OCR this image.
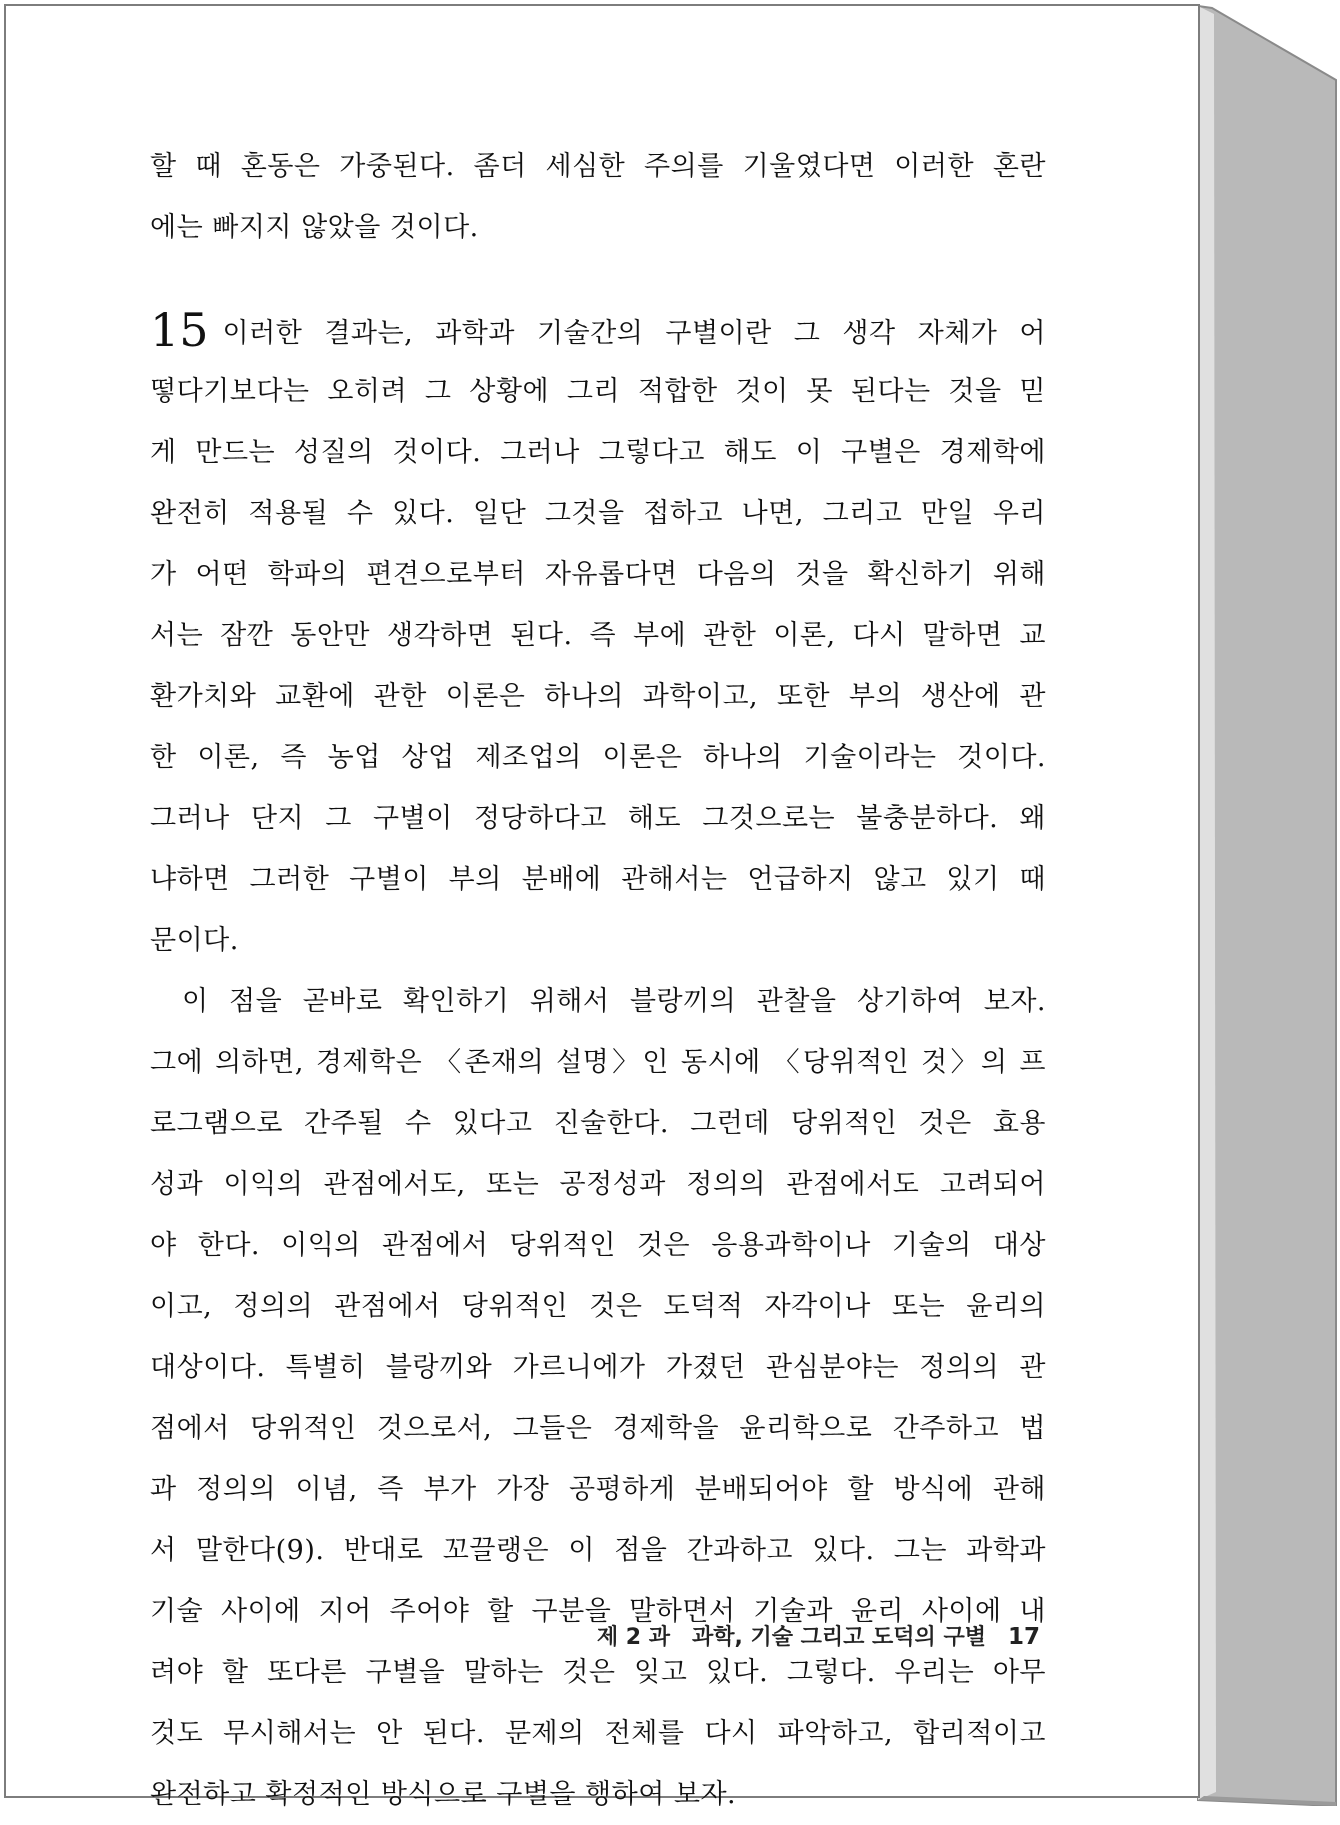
할 때 혼동은 가중된다. 좀더 세심한 주의를 기울였다면 이러한 혼란
에는 빠지지 않았을 것이다.
15 이러한 결과는, 과학과 기술간의 구별이란 그 생각 자체가 어
떻다기보다는 오히려 그 상황에 그리 적합한 것이 못 된다는 것을 믿
게 만드는 성질의 것이다. 그러나 그렇다고 해도 이 구별은 경제학에
완전히 적용될 수 있다. 일단 그것을 접하고 나면, 그리고 만일 우리
가 어떤 학파의 편견으로부터 자유롭다면 다음의 것을 확신하기 위해
서는 잠깐 동안만 생각하면 된다. 즉 부에 관한 이론, 다시 말하면 교
환가치와 교환에 관한 이론은 하나의 과학이고, 또한 부의 생산에 관
한 이론, 즉 농업 상업 제조업의 이론은 하나의 기술이라는 것이다.
그러나 단지 그 구별이 정당하다고 해도 그것으로는 불충분하다. 왜
냐하면 그러한 구별이 부의 분배에 관해서는 언급하지 않고 있기 때
문이다.
이 점을 곧바로 확인하기 위해서 블랑끼의 관찰을 상기하여 보자.
그에 의하면, 경제학은 〈존재의 설명〉인 동시에 〈당위적인 것〉의 프
로그램으로 간주될 수 있다고 진술한다. 그런데 당위적인 것은 효용
성과 이익의 관점에서도, 또는 공정성과 정의의 관점에서도 고려되어
야 한다. 이익의 관점에서 당위적인 것은 응용과학이나 기술의 대상
이고, 정의의 관점에서 당위적인 것은 도덕적 자각이나 또는 윤리의
대상이다. 특별히 블랑끼와 가르니에가 가졌던 관심분야는 정의의 관
점에서 당위적인 것으로서, 그들은 경제학을 윤리학으로 간주하고 법
과 정의의 이념, 즉 부가 가장 공평하게 분배되어야 할 방식에 관해
서 말한다(9). 반대로 꼬끌랭은 이 점을 간과하고 있다. 그는 과학과
기술 사이에 지어 주어야 할 구분을 말하면서 기술과 윤리 사이에 내
려야 할 또다른 구별을 말하는 것은 잊고 있다. 그렇다. 우리는 아무
것도 무시해서는 안 된다. 문제의 전체를 다시 파악하고, 합리적이고
완전하고 확정적인 방식으로 구별을 행하여 보자.
제 2 과 과학, 기술 그리고 도덕의 구별 17
